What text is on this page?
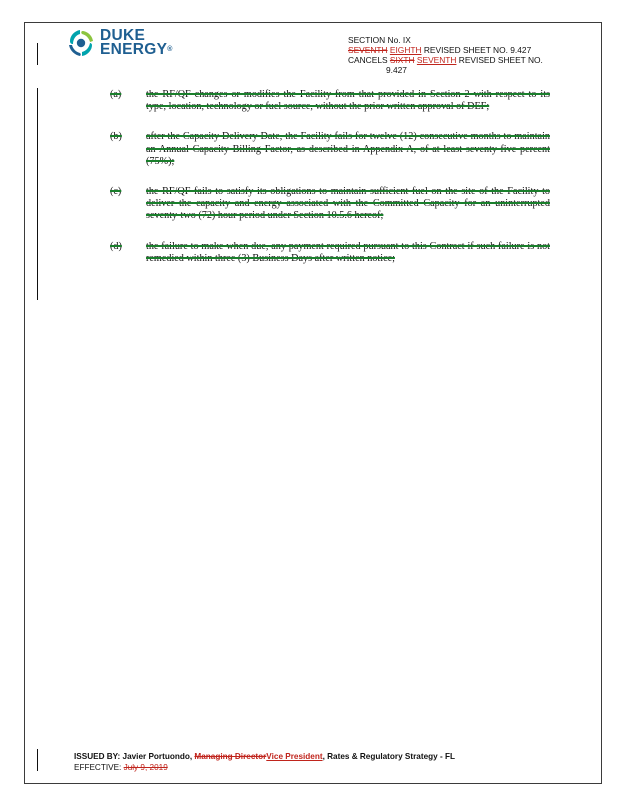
DUKE
ENERGY®
SECTION No. IX
SEVENTH EIGHTH REVISED SHEET NO. 9.427
CANCELS SIXTH SEVENTH REVISED SHEET NO.
9.427
(a)	the RF/QF changes or modifies the Facility from that provided in Section 2 with respect to its type, location, technology or fuel source, without the prior written approval of DEF;
(b)	after the Capacity Delivery Date, the Facility fails for twelve (12) consecutive months to maintain an Annual Capacity Billing Factor, as described in Appendix A, of at least seventy-five percent (75%);
(c)	the RF/QF fails to satisfy its obligations to maintain sufficient fuel on the site of the Facility to deliver the capacity and energy associated with the Committed Capacity for an uninterrupted seventy-two (72) hour period under Section 10.5.6 hereof;
(d)	the failure to make when due, any payment required pursuant to this Contract if such failure is not remedied within three (3) Business Days after written notice;
ISSUED BY: Javier Portuondo, Managing DirectorVice President, Rates & Regulatory Strategy - FL
EFFECTIVE: July 9, 2019
